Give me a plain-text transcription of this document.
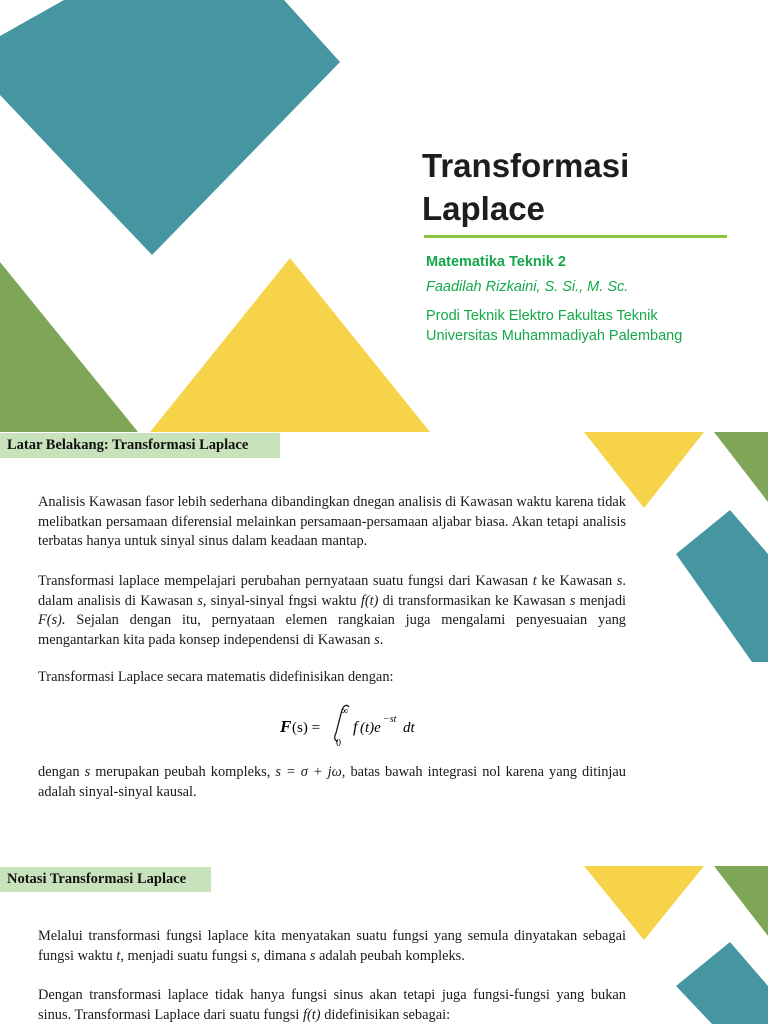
Transformasi
Laplace
Matematika Teknik 2
Faadilah Rizkaini, S. Si., M. Sc.
Prodi Teknik Elektro Fakultas Teknik
Universitas Muhammadiyah Palembang
Latar Belakang: Transformasi Laplace

Analisis Kawasan fasor lebih sederhana dibandingkan dnegan analisis di Kawasan waktu karena tidak melibatkan persamaan diferensial melainkan persamaan-persamaan aljabar biasa. Akan tetapi analisis terbatas hanya untuk sinyal sinus dalam keadaan mantap.

Transformasi laplace mempelajari perubahan pernyataan suatu fungsi dari Kawasan t ke Kawasan s. dalam analisis di Kawasan s, sinyal-sinyal fngsi waktu f(t) di transformasikan ke Kawasan s menjadi F(s). Sejalan dengan itu, pernyataan elemen rangkaian juga mengalami penyesuaian yang mengantarkan kita pada konsep independensi di Kawasan s.

Transformasi Laplace secara matematis didefinisikan dengan:

F (s) =
∞
0
f (t)e
−st
dt

dengan s merupakan peubah kompleks, s = σ + jω, batas bawah integrasi nol karena yang ditinjau adalah sinyal-sinyal kausal.

Notasi Transformasi Laplace

Melalui transformasi fungsi laplace kita menyatakan suatu fungsi yang semula dinyatakan sebagai fungsi waktu t, menjadi suatu fungsi s, dimana s adalah peubah kompleks.

Dengan transformasi laplace tidak hanya fungsi sinus akan tetapi juga fungsi-fungsi yang bukan sinus. Transformasi Laplace dari suatu fungsi f(t) didefinisikan sebagai:
